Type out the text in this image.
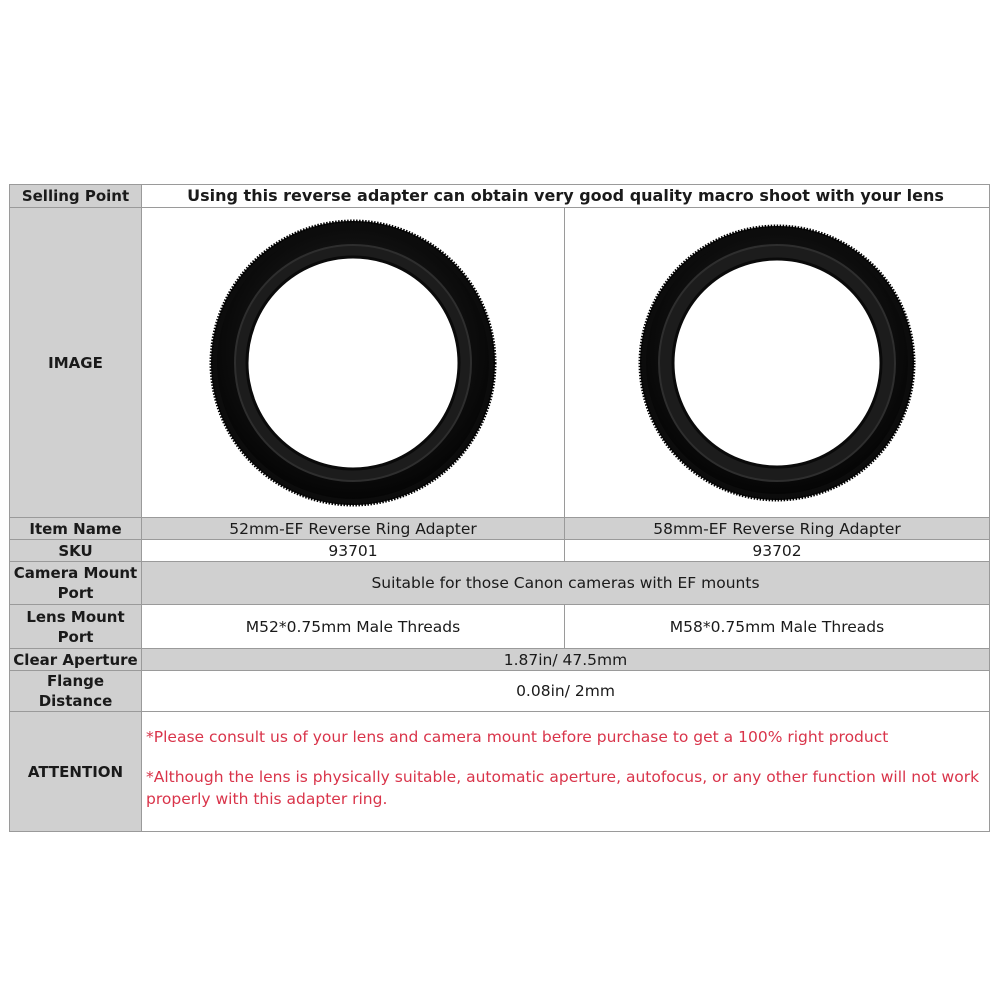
Selling Point	Using this reverse adapter can obtain very good quality macro shoot with your lens	
IMAGE	

Item Name	52mm-EF Reverse Ring Adapter	58mm-EF Reverse Ring Adapter
SKU	93701	93702

Camera Mount
Port	Suitable for those Canon cameras with EF mounts	

Lens Mount
Port	M52*0.75mm Male Threads	M58*0.75mm Male Threads
Clear Aperture	1.87in/ 47.5mm	
Flange Distance	0.08in/ 2mm	
ATTENTION	*Please consult us of your lens and camera mount before purchase to get a 100% right product

*Although the lens is physically suitable, automatic aperture, autofocus, or any other function will not work properly with this adapter ring.	
